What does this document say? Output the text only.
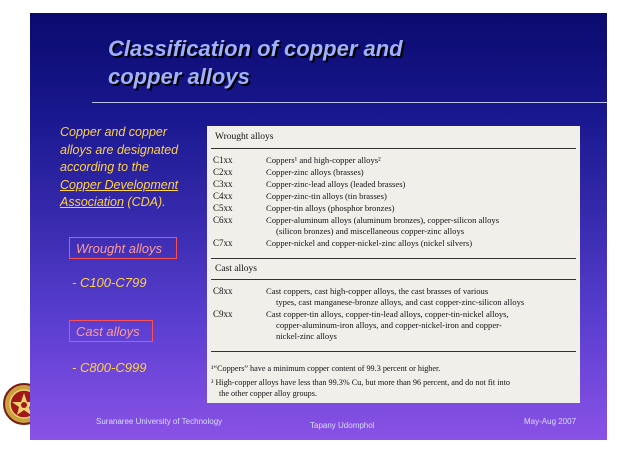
Classification of copper and
copper alloys
Copper and copper
alloys are designated
according to the
Copper Development
Association (CDA).
Wrought alloys
- C100-C799
Cast alloys
- C800-C999
Wrought alloys
C1xx	Coppers¹ and high-copper alloys²
C2xx	Copper-zinc alloys (brasses)
C3xx	Copper-zinc-lead alloys (leaded brasses)
C4xx	Copper-zinc-tin alloys (tin brasses)
C5xx	Copper-tin alloys (phosphor bronzes)
C6xx	Copper-aluminum alloys (aluminum bronzes), copper-silicon alloys
(silicon bronzes) and miscellaneous copper-zinc alloys
C7xx	Copper-nickel and copper-nickel-zinc alloys (nickel silvers)
Cast alloys
C8xx	Cast coppers, cast high-copper alloys, the cast brasses of various
types, cast manganese-bronze alloys, and cast copper-zinc-silicon alloys
C9xx	Cast copper-tin alloys, copper-tin-lead alloys, copper-tin-nickel alloys,
copper-aluminum-iron alloys, and copper-nickel-iron and copper-
nickel-zinc alloys
¹“Coppers” have a minimum copper content of 99.3 percent or higher.
² High-copper alloys have less than 99.3% Cu, but more than 96 percent, and do not fit into
the other copper alloy groups.
Suranaree University of Technology	Tapany Udomphol	May-Aug 2007
